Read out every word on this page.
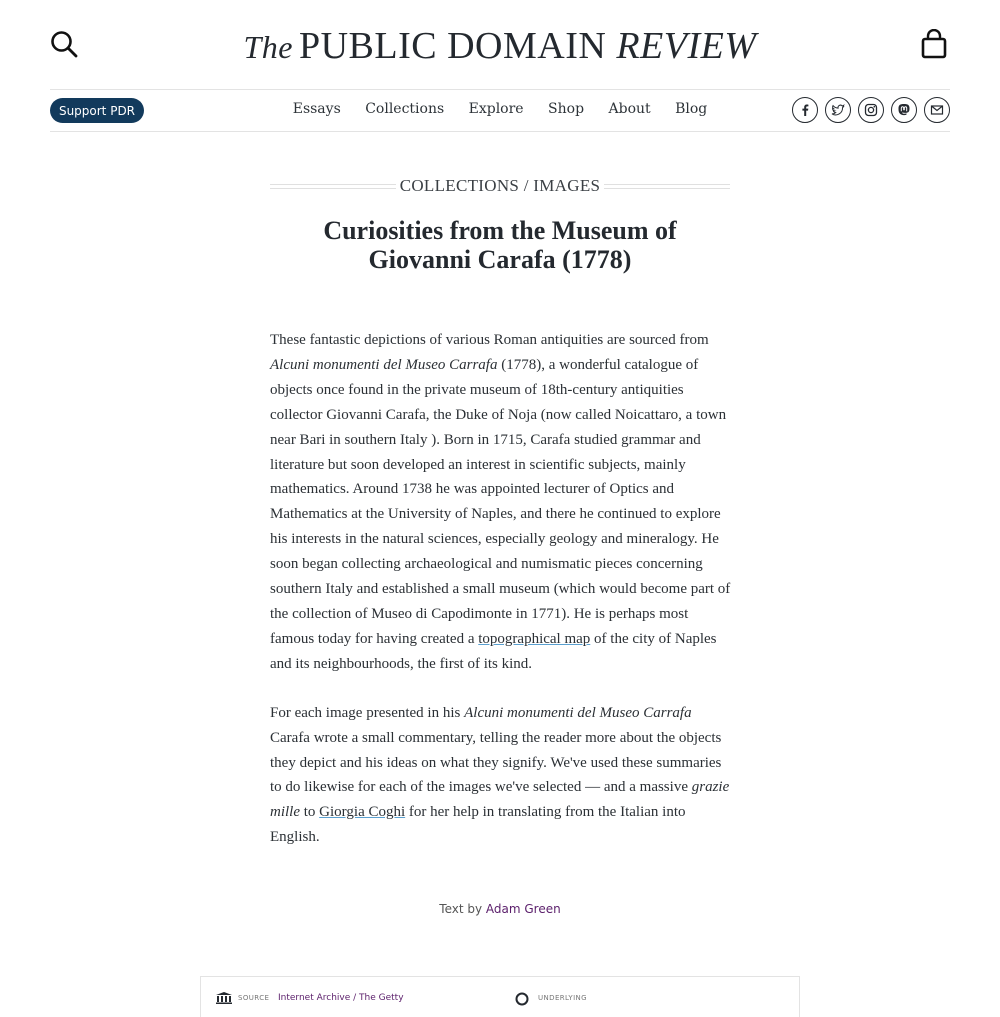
The PUBLIC DOMAIN REVIEW
Support PDR	Essays Collections Explore Shop About Blog
COLLECTIONS / IMAGES
Curiosities from the Museum of Giovanni Carafa (1778)

These fantastic depictions of various Roman antiquities are sourced from Alcuni monumenti del Museo Carrafa (1778), a wonderful catalogue of objects once found in the private museum of 18th-century antiquities collector Giovanni Carafa, the Duke of Noja (now called Noicattaro, a town near Bari in southern Italy ). Born in 1715, Carafa studied grammar and literature but soon developed an interest in scientific subjects, mainly mathematics. Around 1738 he was appointed lecturer of Optics and Mathematics at the University of Naples, and there he continued to explore his interests in the natural sciences, especially geology and mineralogy. He soon began collecting archaeological and numismatic pieces concerning southern Italy and established a small museum (which would become part of the collection of Museo di Capodimonte in 1771). He is perhaps most famous today for having created a topographical map of the city of Naples and its neighbourhoods, the first of its kind.

For each image presented in his Alcuni monumenti del Museo Carrafa Carafa wrote a small commentary, telling the reader more about the objects they depict and his ideas on what they signify. We've used these summaries to do likewise for each of the images we've selected — and a massive grazie mille to Giorgia Coghi for her help in translating from the Italian into English.

Text by Adam Green
SOURCE Internet Archive / The Getty	UNDERLYING
